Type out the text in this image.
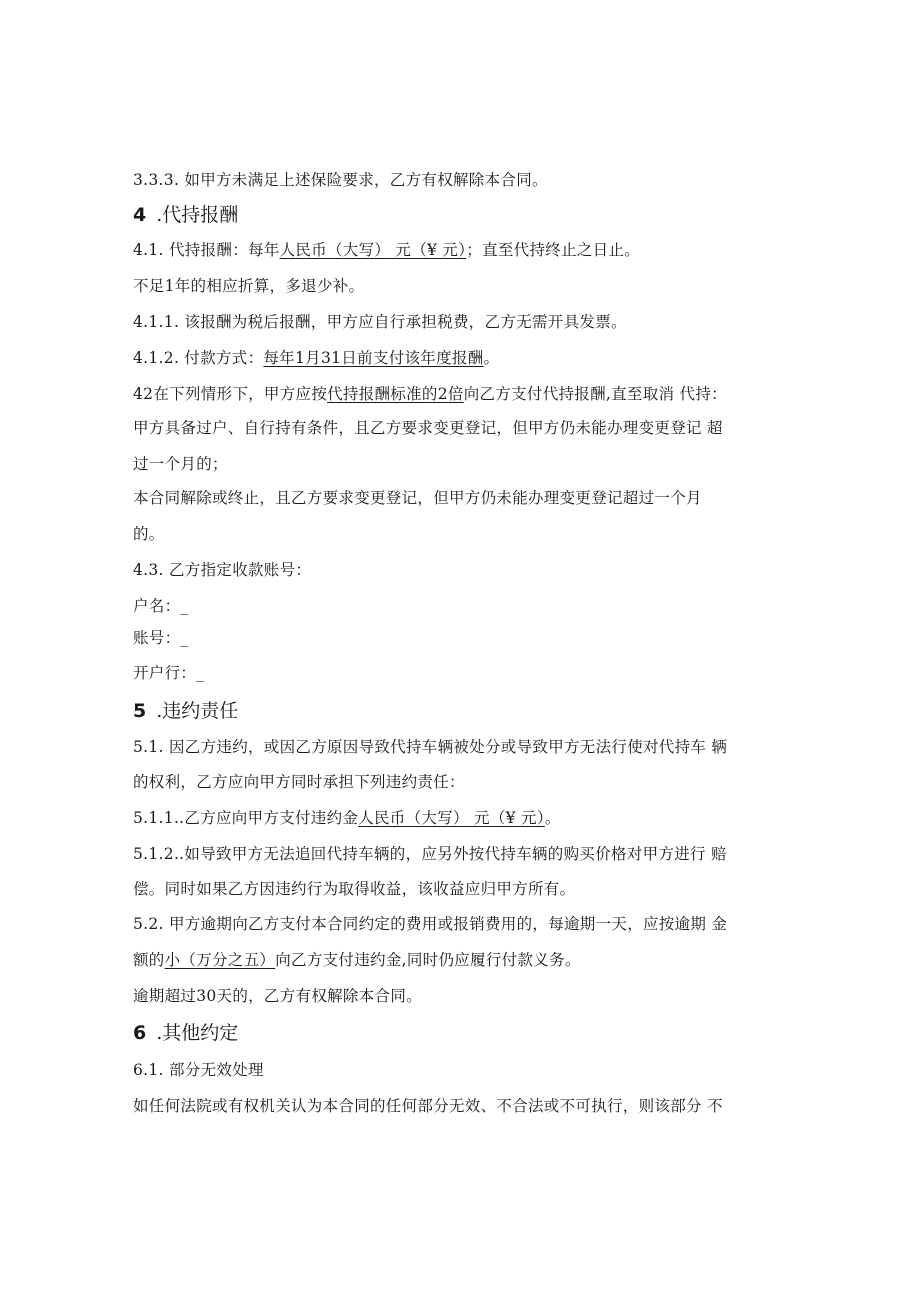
3.3.3. 如甲方未满足上述保险要求，乙方有权解除本合同。
4 .代持报酬
4.1. 代持报酬：每年人民币（大写） 元（¥ 元）；直至代持终止之日止。
不足1年的相应折算，多退少补。
4.1.1. 该报酬为税后报酬，甲方应自行承担税费，乙方无需开具发票。
4.1.2. 付款方式：每年1月31日前支付该年度报酬。
42在下列情形下，甲方应按代持报酬标准的2倍向乙方支付代持报酬,直至取消 代持：
甲方具备过户、自行持有条件，且乙方要求变更登记，但甲方仍未能办理变更登记 超
过一个月的；
本合同解除或终止，且乙方要求变更登记，但甲方仍未能办理变更登记超过一个月
的。
4.3. 乙方指定收款账号：
户名：_
账号：_
开户行：_
5 .违约责任
5.1. 因乙方违约，或因乙方原因导致代持车辆被处分或导致甲方无法行使对代持车 辆
的权利，乙方应向甲方同时承担下列违约责任：
5.1.1..乙方应向甲方支付违约金人民币（大写） 元（¥ 元）。
5.1.2..如导致甲方无法追回代持车辆的，应另外按代持车辆的购买价格对甲方进行 赔
偿。同时如果乙方因违约行为取得收益，该收益应归甲方所有。
5.2. 甲方逾期向乙方支付本合同约定的费用或报销费用的，每逾期一天，应按逾期 金
额的小（万分之五）向乙方支付违约金,同时仍应履行付款义务。
逾期超过30天的，乙方有权解除本合同。
6 .其他约定
6.1. 部分无效处理
如任何法院或有权机关认为本合同的任何部分无效、不合法或不可执行，则该部分 不
